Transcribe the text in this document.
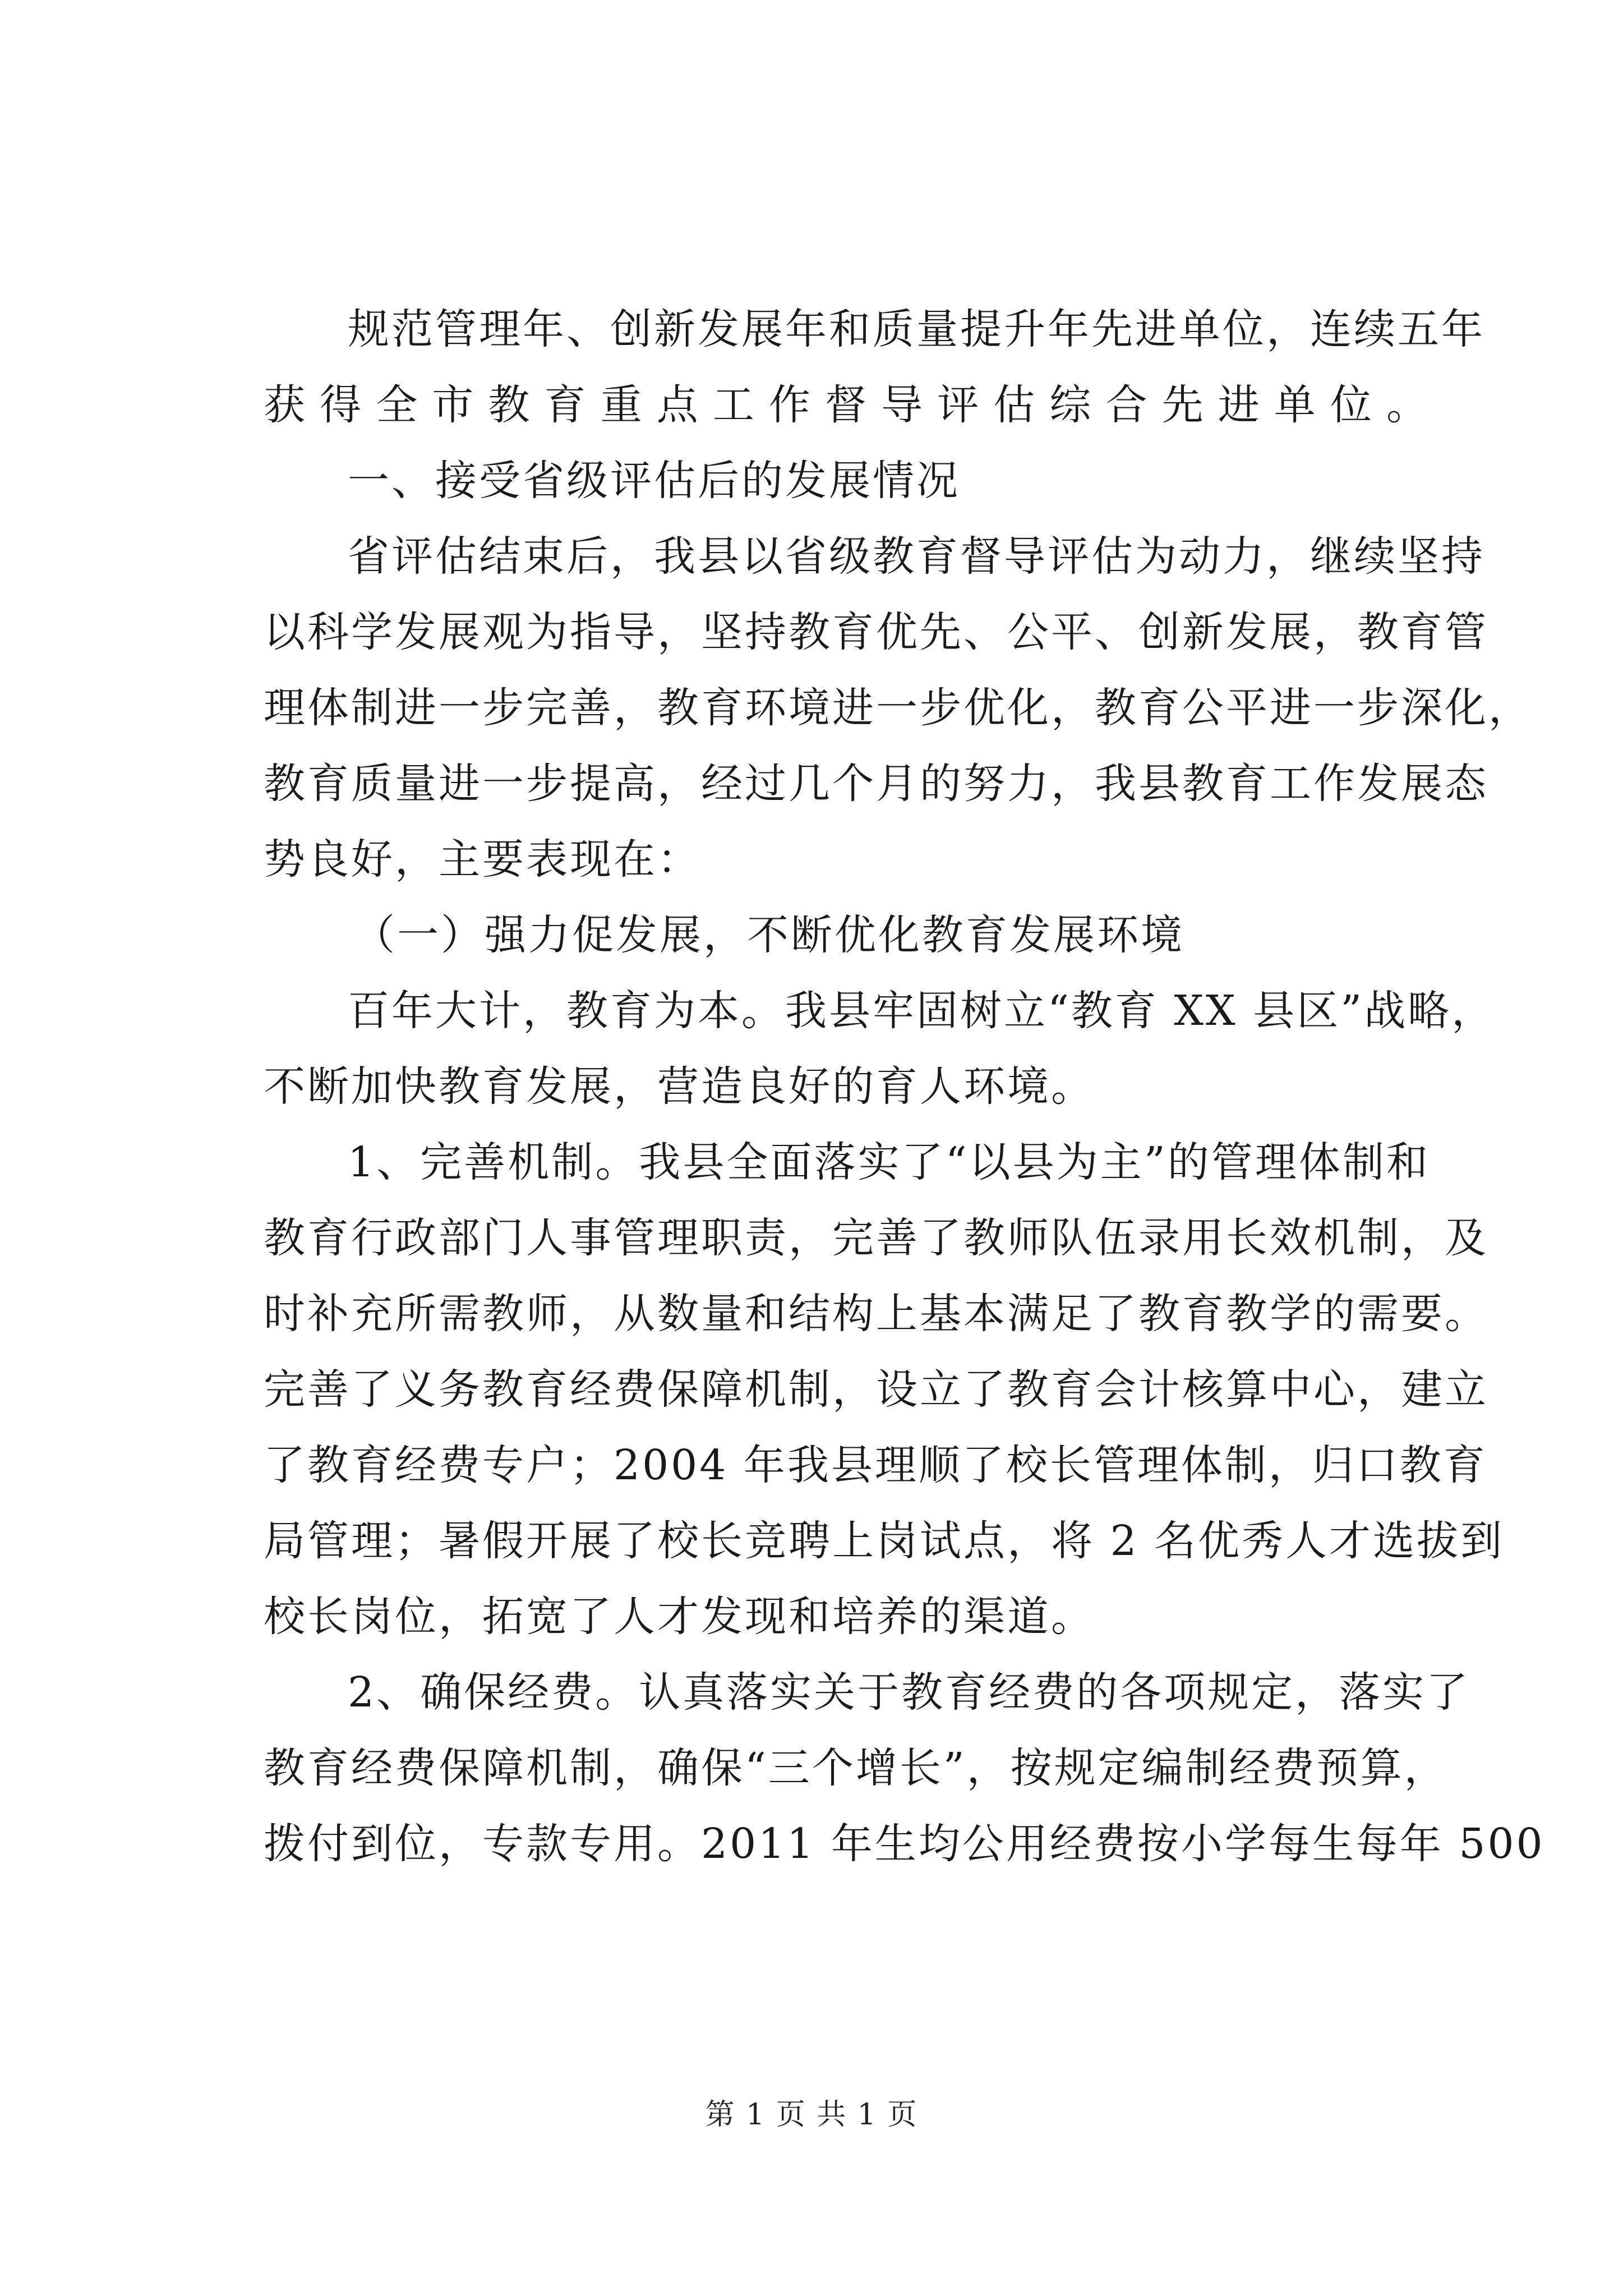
规范管理年、创新发展年和质量提升年先进单位，连续五年
获得全市教育重点工作督导评估综合先进单位。
一、接受省级评估后的发展情况
省评估结束后，我县以省级教育督导评估为动力，继续坚持
以科学发展观为指导，坚持教育优先、公平、创新发展，教育管
理体制进一步完善，教育环境进一步优化，教育公平进一步深化，
教育质量进一步提高，经过几个月的努力，我县教育工作发展态
势良好，主要表现在：
（一）强力促发展，不断优化教育发展环境
百年大计，教育为本。我县牢固树立“教育 XX 县区”战略，
不断加快教育发展，营造良好的育人环境。
1、完善机制。我县全面落实了“以县为主”的管理体制和
教育行政部门人事管理职责，完善了教师队伍录用长效机制，及
时补充所需教师，从数量和结构上基本满足了教育教学的需要。
完善了义务教育经费保障机制，设立了教育会计核算中心，建立
了教育经费专户；2004 年我县理顺了校长管理体制，归口教育
局管理；暑假开展了校长竞聘上岗试点，将 2 名优秀人才选拔到
校长岗位，拓宽了人才发现和培养的渠道。
2、确保经费。认真落实关于教育经费的各项规定，落实了
教育经费保障机制，确保“三个增长”，按规定编制经费预算，
拨付到位，专款专用。2011 年生均公用经费按小学每生每年 500
第 1 页 共 1 页
